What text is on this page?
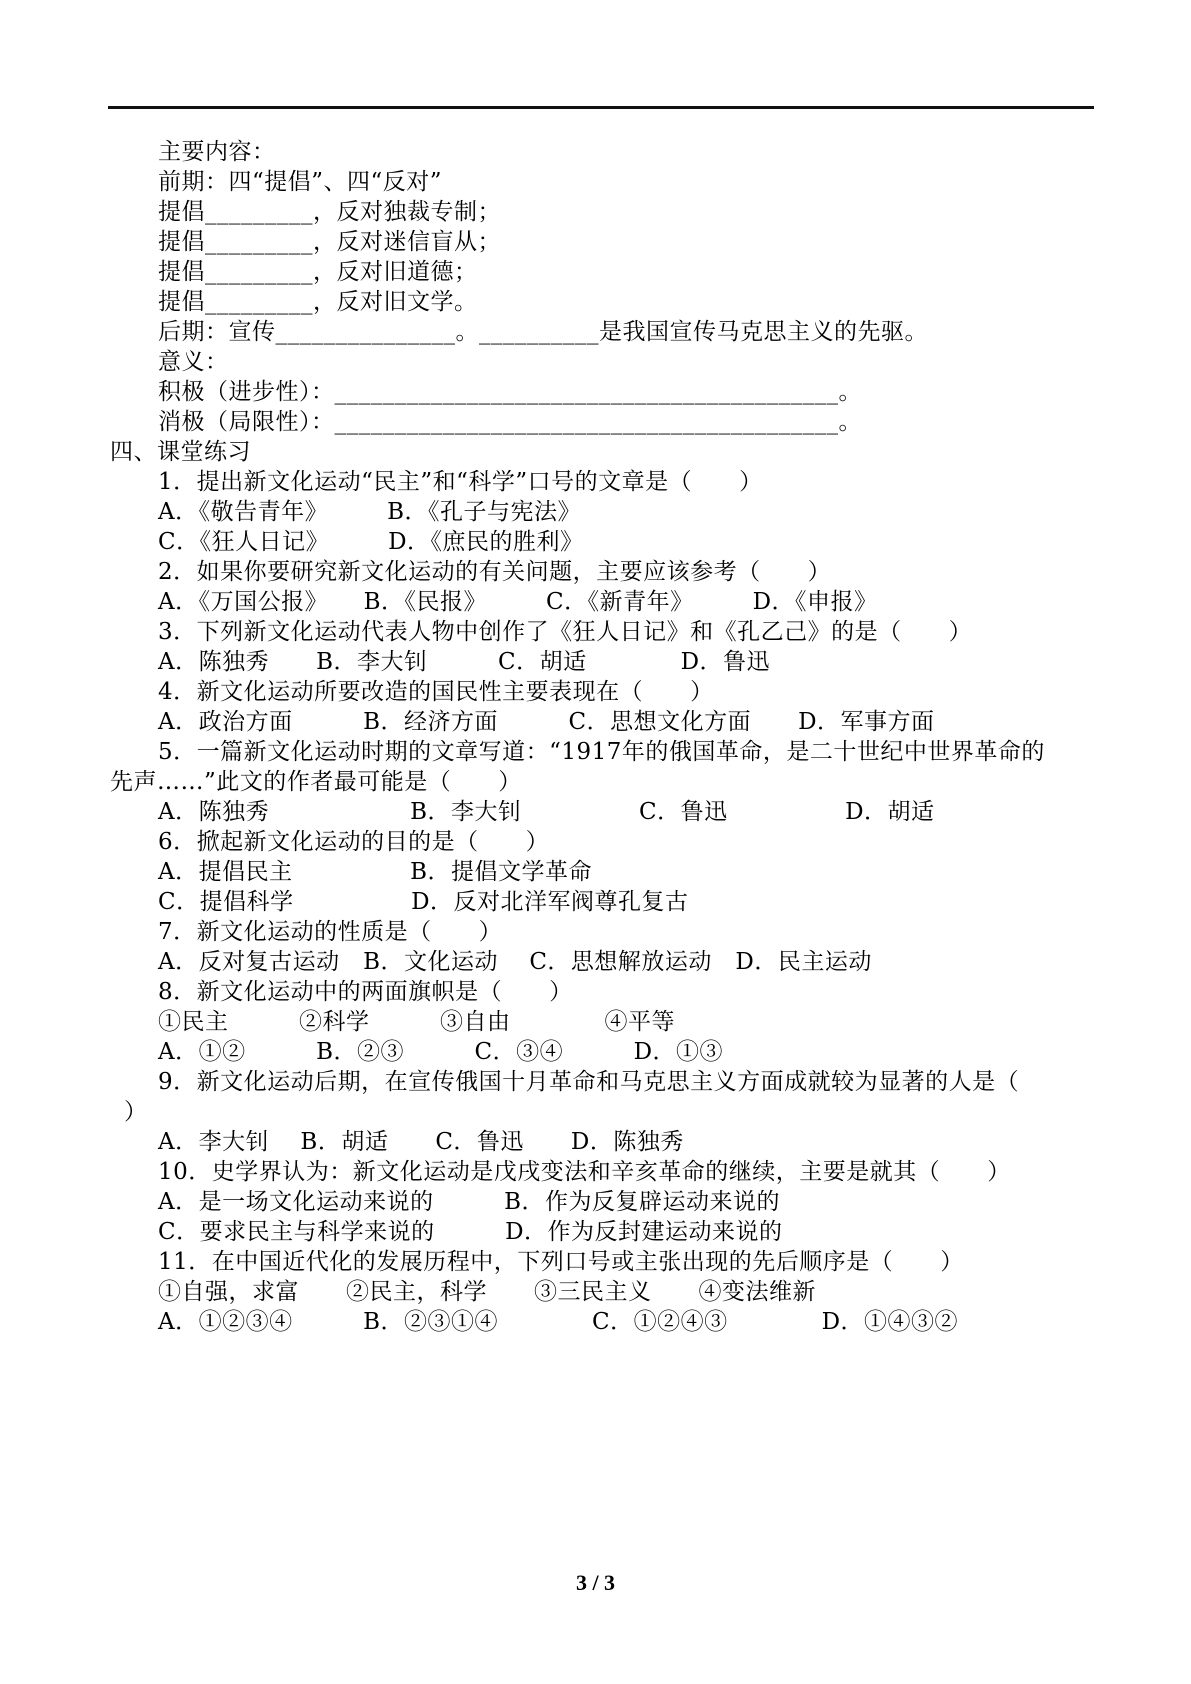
主要内容：
前期：四“提倡”、四“反对”
提倡_________，反对独裁专制；
提倡_________，反对迷信盲从；
提倡_________，反对旧道德；
提倡_________，反对旧文学。
后期：宣传_______________。__________是我国宣传马克思主义的先驱。
意义：
积极（进步性）：__________________________________________。
消极（局限性）：__________________________________________。
四、课堂练习
1．提出新文化运动“民主”和“科学”口号的文章是（　　）
A．《敬告青年》　　　B．《孔子与宪法》
C．《狂人日记》　　　D．《庶民的胜利》
2．如果你要研究新文化运动的有关问题，主要应该参考（　　）
A．《万国公报》　　B．《民报》　　　C．《新青年》　　　D．《申报》
3．下列新文化运动代表人物中创作了《狂人日记》和《孔乙己》的是（　　）
A．陈独秀　　B．李大钊　　　C．胡适　　　　D．鲁迅
4．新文化运动所要改造的国民性主要表现在（　　）
A．政治方面　　　B．经济方面　　　C．思想文化方面　　D．军事方面
5．一篇新文化运动时期的文章写道：“1917年的俄国革命，是二十世纪中世界革命的
先声……”此文的作者最可能是（　　）
A．陈独秀　　　　　　B．李大钊　　　　　C．鲁迅　　　　　D．胡适
6．掀起新文化运动的目的是（　　）
A．提倡民主　　　　　B．提倡文学革命
C．提倡科学　　　　　D．反对北洋军阀尊孔复古
7．新文化运动的性质是（　　）
A．反对复古运动　B．文化运动　 C．思想解放运动　D．民主运动
8．新文化运动中的两面旗帜是（　　）
①民主　　　②科学　　　③自由　　　　④平等
A．①②　　　B．②③　　　C．③④　　　D．①③
9．新文化运动后期，在宣传俄国十月革命和马克思主义方面成就较为显著的人是（
）
A．李大钊　 B．胡适　　C．鲁迅　　D．陈独秀
10．史学界认为：新文化运动是戊戌变法和辛亥革命的继续，主要是就其（　　）
A．是一场文化运动来说的　　　B．作为反复辟运动来说的
C．要求民主与科学来说的　　　D．作为反封建运动来说的
11．在中国近代化的发展历程中，下列口号或主张出现的先后顺序是（　　）
①自强，求富　　②民主，科学　　③三民主义　　④变法维新
A．①②③④　　　B．②③①④　　　　C．①②④③　　　　D．①④③②
3 / 3
